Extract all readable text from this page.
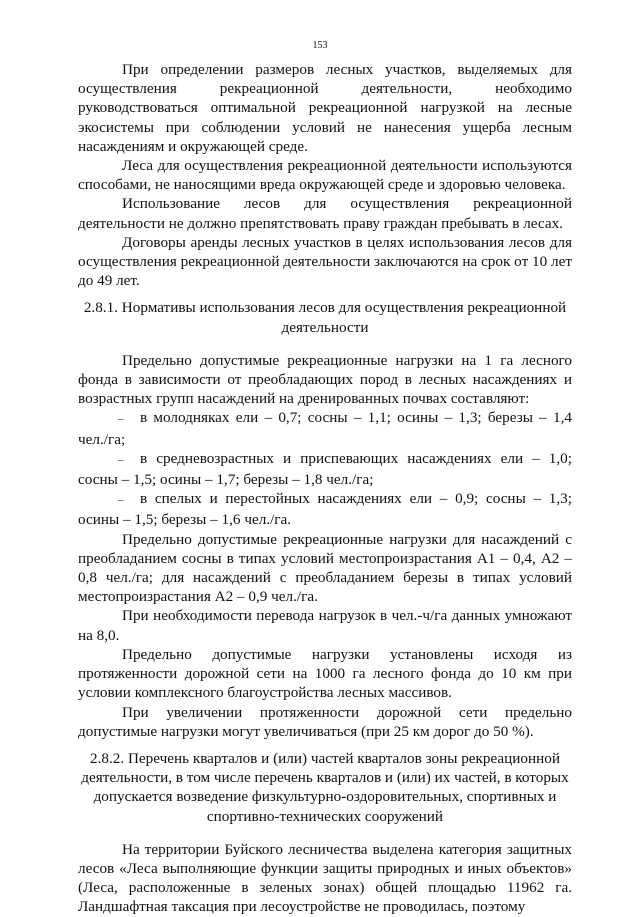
153

При определении размеров лесных участков, выделяемых для осуществления рекреационной деятельности, необходимо руководствоваться оптимальной рекреационной нагрузкой на лесные экосистемы при соблюдении условий не нанесения ущерба лесным насаждениям и окружающей среде.

Леса для осуществления рекреационной деятельности используются способами, не наносящими вреда окружающей среде и здоровью человека.

Использование лесов для осуществления рекреационной деятельности не должно препятствовать праву граждан пребывать в лесах.

Договоры аренды лесных участков в целях использования лесов для осуществления рекреационной деятельности заключаются на срок от 10 лет до 49 лет.

2.8.1. Нормативы использования лесов для осуществления рекреационной деятельности

Предельно допустимые рекреационные нагрузки на 1 га лесного фонда в зависимости от преобладающих пород в лесных насаждениях и возрастных групп насаждений на дренированных почвах составляют:

– в молодняках ели – 0,7; сосны – 1,1; осины – 1,3; березы – 1,4 чел./га;

– в средневозрастных и приспевающих насаждениях ели – 1,0; сосны – 1,5; осины – 1,7; березы – 1,8 чел./га;

– в спелых и перестойных насаждениях ели – 0,9; сосны – 1,3; осины – 1,5; березы – 1,6 чел./га.

Предельно допустимые рекреационные нагрузки для насаждений с преобладанием сосны в типах условий местопроизрастания А1 – 0,4, А2 – 0,8 чел./га; для насаждений с преобладанием березы в типах условий местопроизрастания А2 – 0,9 чел./га.

При необходимости перевода нагрузок в чел.-ч/га данных умножают на 8,0.

Предельно допустимые нагрузки установлены исходя из протяженности дорожной сети на 1000 га лесного фонда до 10 км при условии комплексного благоустройства лесных массивов.

При увеличении протяженности дорожной сети предельно допустимые нагрузки могут увеличиваться (при 25 км дорог до 50 %).

2.8.2. Перечень кварталов и (или) частей кварталов зоны рекреационной деятельности, в том числе перечень кварталов и (или) их частей, в которых допускается возведение физкультурно-оздоровительных, спортивных и спортивно-технических сооружений

На территории Буйского лесничества выделена категория защитных лесов «Леса выполняющие функции защиты природных и иных объектов» (Леса, расположенные в зеленых зонах) общей площадью 11962 га. Ландшафтная таксация при лесоустройстве не проводилась, поэтому
